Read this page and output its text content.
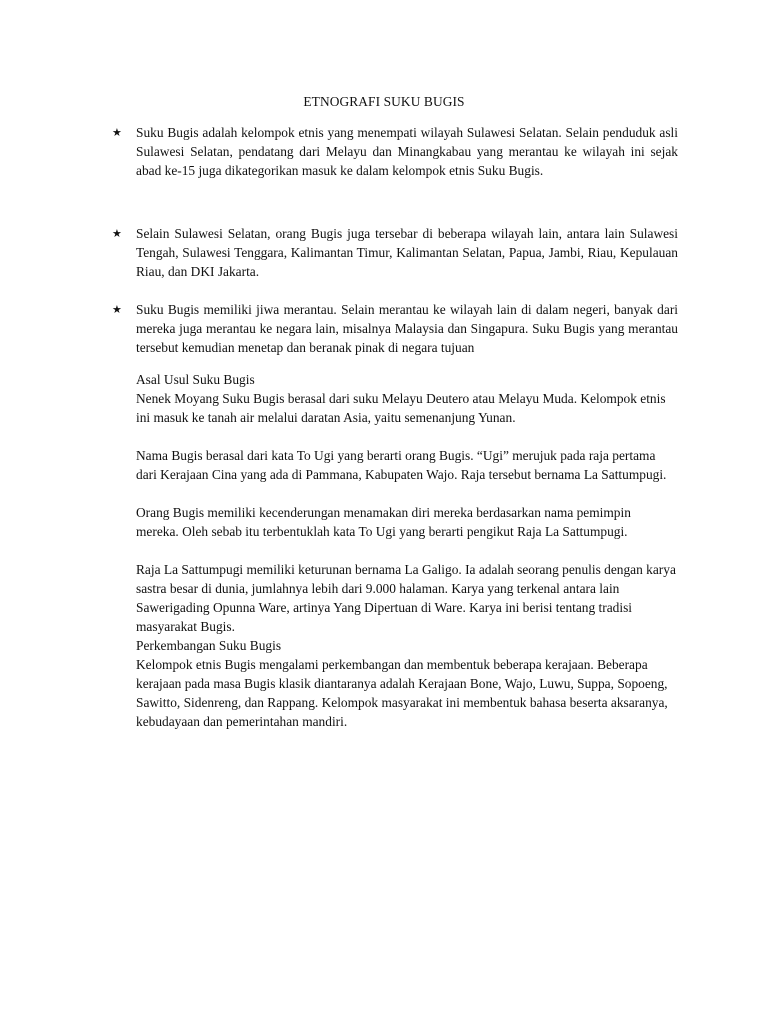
ETNOGRAFI SUKU BUGIS
★	Suku Bugis adalah kelompok etnis yang menempati wilayah Sulawesi Selatan. Selain penduduk asli Sulawesi Selatan, pendatang dari Melayu dan Minangkabau yang merantau ke wilayah ini sejak abad ke-15 juga dikategorikan masuk ke dalam kelompok etnis Suku Bugis.
★	Selain Sulawesi Selatan, orang Bugis juga tersebar di beberapa wilayah lain, antara lain Sulawesi Tengah, Sulawesi Tenggara, Kalimantan Timur, Kalimantan Selatan, Papua, Jambi, Riau, Kepulauan Riau, dan DKI Jakarta.
★	Suku Bugis memiliki jiwa merantau. Selain merantau ke wilayah lain di dalam negeri, banyak dari mereka juga merantau ke negara lain, misalnya Malaysia dan Singapura. Suku Bugis yang merantau tersebut kemudian menetap dan beranak pinak di negara tujuan

Asal Usul Suku Bugis

Nenek Moyang Suku Bugis berasal dari suku Melayu Deutero atau Melayu Muda. Kelompok etnis ini masuk ke tanah air melalui daratan Asia, yaitu semenanjung Yunan.

Nama Bugis berasal dari kata To Ugi yang berarti orang Bugis. “Ugi” merujuk pada raja pertama dari Kerajaan Cina yang ada di Pammana, Kabupaten Wajo. Raja tersebut bernama La Sattumpugi.

Orang Bugis memiliki kecenderungan menamakan diri mereka berdasarkan nama pemimpin mereka. Oleh sebab itu terbentuklah kata To Ugi yang berarti pengikut Raja La Sattumpugi.

Raja La Sattumpugi memiliki keturunan bernama La Galigo. Ia adalah seorang penulis dengan karya sastra besar di dunia, jumlahnya lebih dari 9.000 halaman. Karya yang terkenal antara lain Sawerigading Opunna Ware, artinya Yang Dipertuan di Ware. Karya ini berisi tentang tradisi masyarakat Bugis.

Perkembangan Suku Bugis

Kelompok etnis Bugis mengalami perkembangan dan membentuk beberapa kerajaan. Beberapa kerajaan pada masa Bugis klasik diantaranya adalah Kerajaan Bone, Wajo, Luwu, Suppa, Sopoeng, Sawitto, Sidenreng, dan Rappang. Kelompok masyarakat ini membentuk bahasa beserta aksaranya, kebudayaan dan pemerintahan mandiri.
